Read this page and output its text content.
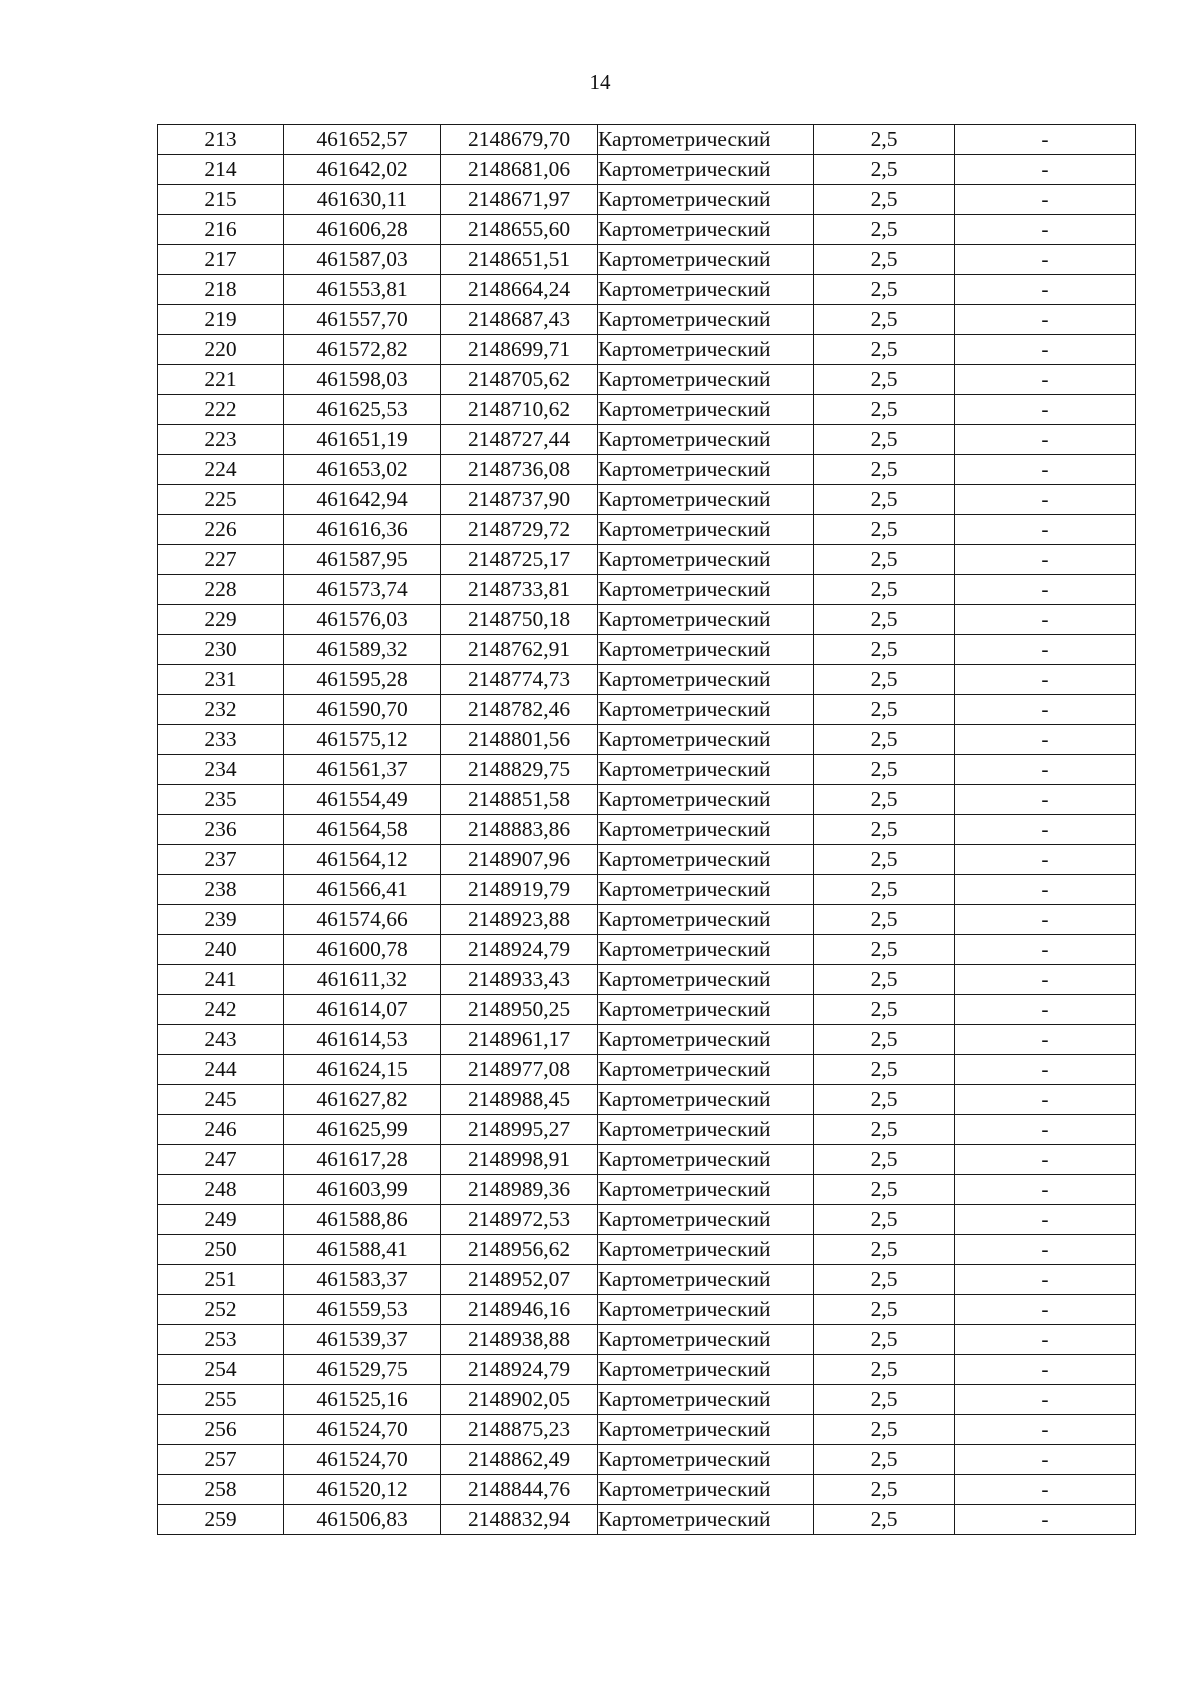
14
213	461652,57	2148679,70	Картометрический	2,5	-
214	461642,02	2148681,06	Картометрический	2,5	-
215	461630,11	2148671,97	Картометрический	2,5	-
216	461606,28	2148655,60	Картометрический	2,5	-
217	461587,03	2148651,51	Картометрический	2,5	-
218	461553,81	2148664,24	Картометрический	2,5	-
219	461557,70	2148687,43	Картометрический	2,5	-
220	461572,82	2148699,71	Картометрический	2,5	-
221	461598,03	2148705,62	Картометрический	2,5	-
222	461625,53	2148710,62	Картометрический	2,5	-
223	461651,19	2148727,44	Картометрический	2,5	-
224	461653,02	2148736,08	Картометрический	2,5	-
225	461642,94	2148737,90	Картометрический	2,5	-
226	461616,36	2148729,72	Картометрический	2,5	-
227	461587,95	2148725,17	Картометрический	2,5	-
228	461573,74	2148733,81	Картометрический	2,5	-
229	461576,03	2148750,18	Картометрический	2,5	-
230	461589,32	2148762,91	Картометрический	2,5	-
231	461595,28	2148774,73	Картометрический	2,5	-
232	461590,70	2148782,46	Картометрический	2,5	-
233	461575,12	2148801,56	Картометрический	2,5	-
234	461561,37	2148829,75	Картометрический	2,5	-
235	461554,49	2148851,58	Картометрический	2,5	-
236	461564,58	2148883,86	Картометрический	2,5	-
237	461564,12	2148907,96	Картометрический	2,5	-
238	461566,41	2148919,79	Картометрический	2,5	-
239	461574,66	2148923,88	Картометрический	2,5	-
240	461600,78	2148924,79	Картометрический	2,5	-
241	461611,32	2148933,43	Картометрический	2,5	-
242	461614,07	2148950,25	Картометрический	2,5	-
243	461614,53	2148961,17	Картометрический	2,5	-
244	461624,15	2148977,08	Картометрический	2,5	-
245	461627,82	2148988,45	Картометрический	2,5	-
246	461625,99	2148995,27	Картометрический	2,5	-
247	461617,28	2148998,91	Картометрический	2,5	-
248	461603,99	2148989,36	Картометрический	2,5	-
249	461588,86	2148972,53	Картометрический	2,5	-
250	461588,41	2148956,62	Картометрический	2,5	-
251	461583,37	2148952,07	Картометрический	2,5	-
252	461559,53	2148946,16	Картометрический	2,5	-
253	461539,37	2148938,88	Картометрический	2,5	-
254	461529,75	2148924,79	Картометрический	2,5	-
255	461525,16	2148902,05	Картометрический	2,5	-
256	461524,70	2148875,23	Картометрический	2,5	-
257	461524,70	2148862,49	Картометрический	2,5	-
258	461520,12	2148844,76	Картометрический	2,5	-
259	461506,83	2148832,94	Картометрический	2,5	-
